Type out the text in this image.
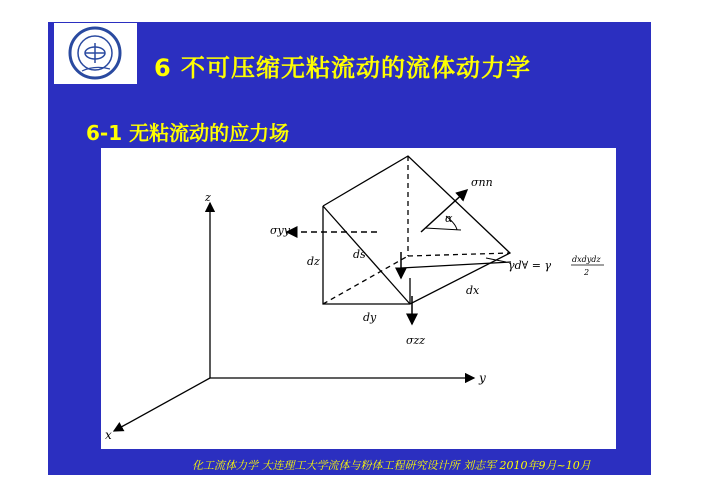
6 不可压缩无粘流动的流体动力学
6-1 无粘流动的应力场
z
y
x
σnn
σyy
σzz
dz
ds
dy
dx
α
γd∀ = γ	dxdydz
2
化工流体力学 大连理工大学流体与粉体工程研究设计所 刘志军 2010年9月~10月
